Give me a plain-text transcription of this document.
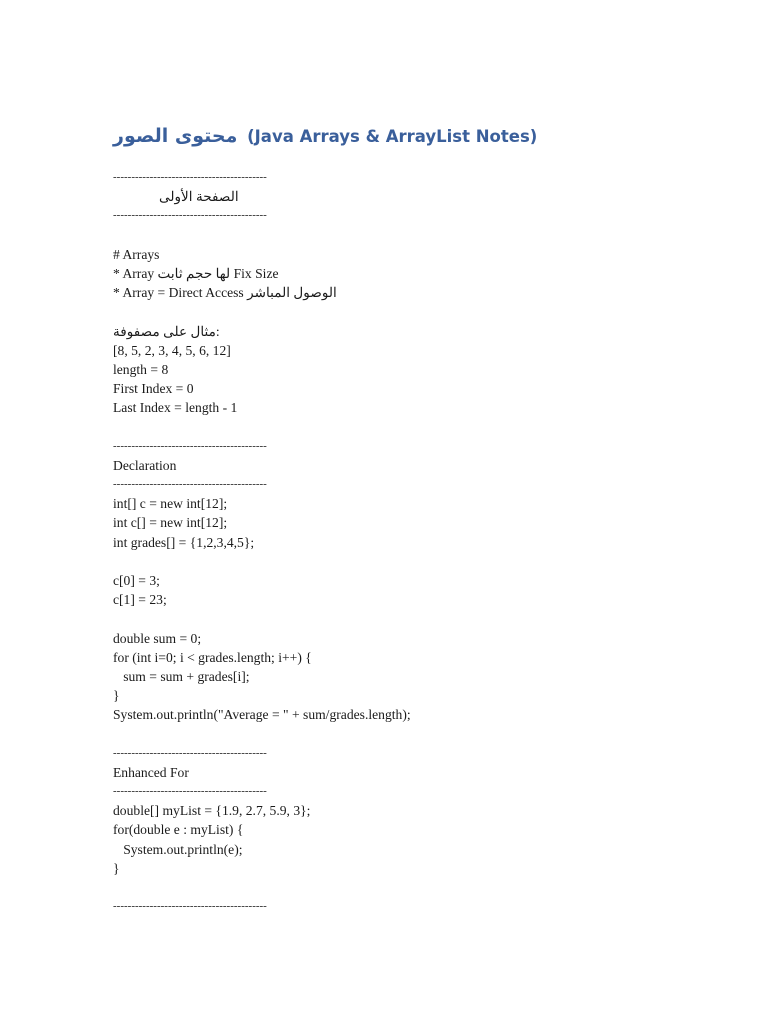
محتوى الصور (Java Arrays & ArrayList Notes)
------------------------------------------
الصفحة الأولى
------------------------------------------
# Arrays
* Array لها حجم ثابت Fix Size
* Array = Direct Access الوصول المباشر
مثال على مصفوفة:
[8, 5, 2, 3, 4, 5, 6, 12]
length = 8
First Index = 0
Last Index = length - 1
------------------------------------------
Declaration
------------------------------------------
int[] c = new int[12];
int c[] = new int[12];
int grades[] = {1,2,3,4,5};
c[0] = 3;
c[1] = 23;
double sum = 0;
for (int i=0; i < grades.length; i++) {
sum = sum + grades[i];
}
System.out.println("Average = " + sum/grades.length);
------------------------------------------
Enhanced For
------------------------------------------
double[] myList = {1.9, 2.7, 5.9, 3};
for(double e : myList) {
System.out.println(e);
}
------------------------------------------
